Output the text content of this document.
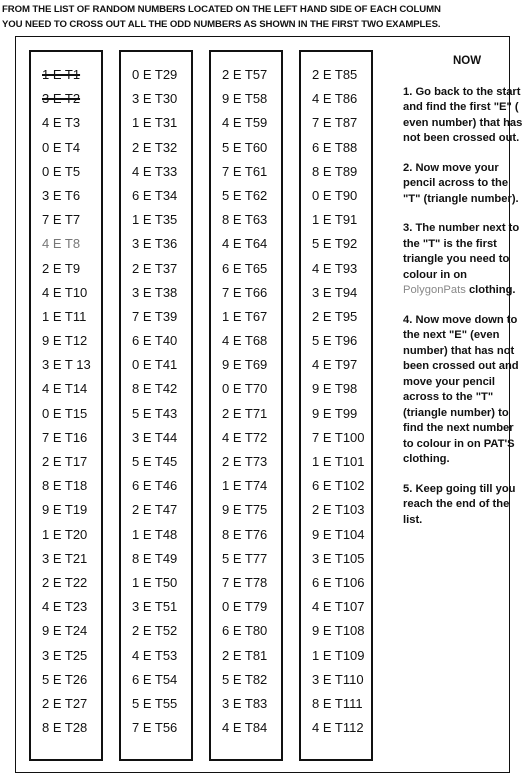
FROM THE LIST OF RANDOM NUMBERS LOCATED ON THE LEFT HAND SIDE OF EACH COLUMN
YOU NEED TO CROSS OUT ALL THE ODD NUMBERS AS SHOWN IN THE FIRST TWO EXAMPLES.
1 E T1
3 E T2
4 E T3
0 E T4
0 E T5
3 E T6
7 E T7
4 E T8
2 E T9
4 E T10
1 E T11
9 E T12
3 E T 13
4 E T14
0 E T15
7 E T16
2 E T17
8 E T18
9 E T19
1 E T20
3 E T21
2 E T22
4 E T23
9 E T24
3 E T25
5 E T26
2 E T27
8 E T28
0 E T29
3 E T30
1 E T31
2 E T32
4 E T33
6 E T34
1 E T35
3 E T36
2 E T37
3 E T38
7 E T39
6 E T40
0 E T41
8 E T42
5 E T43
3 E T44
5 E T45
6 E T46
2 E T47
1 E T48
8 E T49
1 E T50
3 E T51
2 E T52
4 E T53
6 E T54
5 E T55
7 E T56
2 E T57
9 E T58
4 E T59
5 E T60
7 E T61
5 E T62
8 E T63
4 E T64
6 E T65
7 E T66
1 E T67
4 E T68
9 E T69
0 E T70
2 E T71
4 E T72
2 E T73
1 E T74
9 E T75
8 E T76
5 E T77
7 E T78
0 E T79
6 E T80
2 E T81
5 E T82
3 E T83
4 E T84
2 E T85
4 E T86
7 E T87
6 E T88
8 E T89
0 E T90
1 E T91
5 E T92
4 E T93
3 E T94
2 E T95
5 E T96
4 E T97
9 E T98
9 E T99
7 E T100
1 E T101
6 E T102
2 E T103
9 E T104
3 E T105
6 E T106
4 E T107
9 E T108
1 E T109
3 E T110
8 E T111
4 E T112
NOW
1. Go back to the start and find the first "E" ( even number) that has not been crossed out.
2. Now move your pencil across to the "T" (triangle number).
3. The number next to the "T" is the first triangle you need to colour in on PolygonPats clothing.
4. Now move down to the next "E" (even number) that has not been crossed out and move your pencil across to the "T" (triangle number) to find the next number to colour in on PAT'S clothing.
5. Keep going till you reach the end of the list.
